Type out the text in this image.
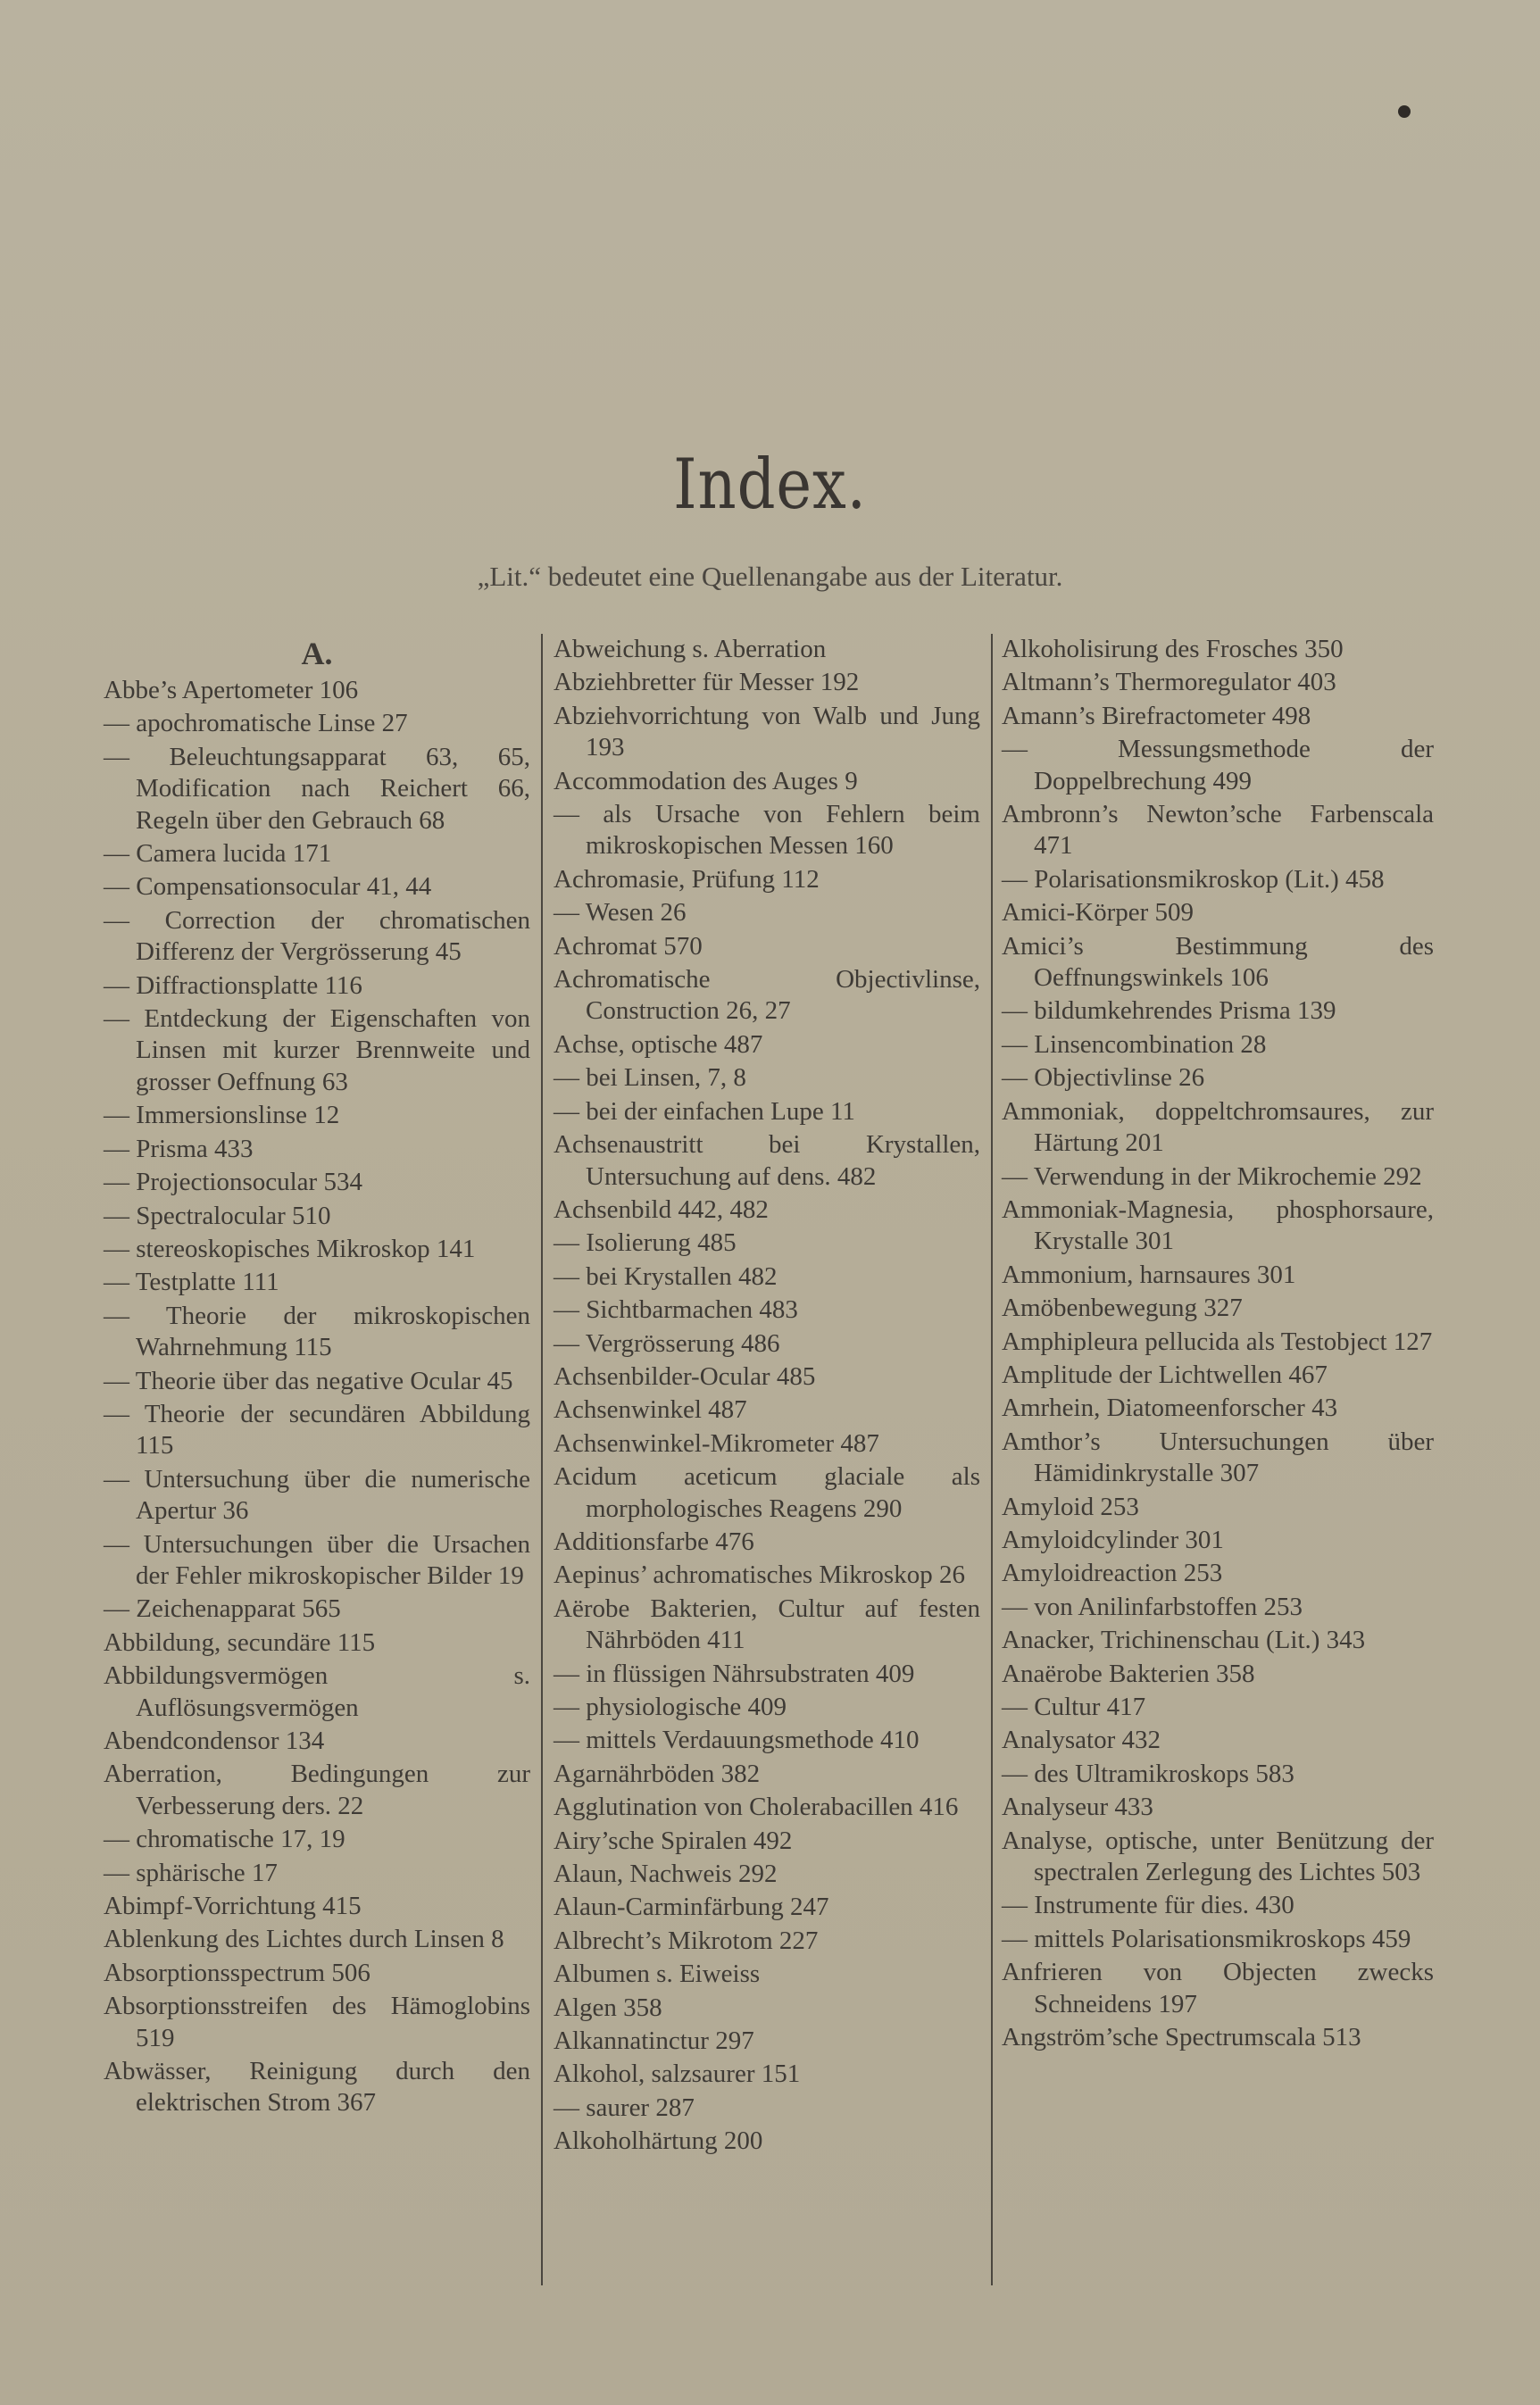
Index.
„Lit.“ bedeutet eine Quellenangabe aus der Literatur.
A.
Abbe’s Apertometer 106
— apochromatische Linse 27
— Beleuchtungsapparat 63, 65, Modification nach Reichert 66, Regeln über den Gebrauch 68
— Camera lucida 171
— Compensationsocular 41, 44
— Correction der chromatischen Differenz der Vergrösserung 45
— Diffractionsplatte 116
— Entdeckung der Eigenschaften von Linsen mit kurzer Brennweite und grosser Oeffnung 63
— Immersionslinse 12
— Prisma 433
— Projectionsocular 534
— Spectralocular 510
— stereoskopisches Mikroskop 141
— Testplatte 111
— Theorie der mikroskopischen Wahrnehmung 115
— Theorie über das negative Ocular 45
— Theorie der secundären Abbildung 115
— Untersuchung über die numerische Apertur 36
— Untersuchungen über die Ursachen der Fehler mikroskopischer Bilder 19
— Zeichenapparat 565
Abbildung, secundäre 115
Abbildungsvermögen s. Auflösungsvermögen
Abendcondensor 134
Aberration, Bedingungen zur Verbesserung ders. 22
— chromatische 17, 19
— sphärische 17
Abimpf-Vorrichtung 415
Ablenkung des Lichtes durch Linsen 8
Absorptionsspectrum 506
Absorptionsstreifen des Hämoglobins 519
Abwässer, Reinigung durch den elektrischen Strom 367
Abweichung s. Aberration
Abziehbretter für Messer 192
Abziehvorrichtung von Walb und Jung 193
Accommodation des Auges 9
— als Ursache von Fehlern beim mikroskopischen Messen 160
Achromasie, Prüfung 112
— Wesen 26
Achromat 570
Achromatische Objectivlinse, Construction 26, 27
Achse, optische 487
— bei Linsen, 7, 8
— bei der einfachen Lupe 11
Achsenaustritt bei Krystallen, Untersuchung auf dens. 482
Achsenbild 442, 482
— Isolierung 485
— bei Krystallen 482
— Sichtbarmachen 483
— Vergrösserung 486
Achsenbilder-Ocular 485
Achsenwinkel 487
Achsenwinkel-Mikrometer 487
Acidum aceticum glaciale als morphologisches Reagens 290
Additionsfarbe 476
Aepinus’ achromatisches Mikroskop 26
Aërobe Bakterien, Cultur auf festen Nährböden 411
— in flüssigen Nährsubstraten 409
— physiologische 409
— mittels Verdauungsmethode 410
Agarnährböden 382
Agglutination von Cholerabacillen 416
Airy’sche Spiralen 492
Alaun, Nachweis 292
Alaun-Carminfärbung 247
Albrecht’s Mikrotom 227
Albumen s. Eiweiss
Algen 358
Alkannatinctur 297
Alkohol, salzsaurer 151
— saurer 287
Alkoholhärtung 200
Alkoholisirung des Frosches 350
Altmann’s Thermoregulator 403
Amann’s Birefractometer 498
— Messungsmethode der Doppelbrechung 499
Ambronn’s Newton’sche Farbenscala 471
— Polarisationsmikroskop (Lit.) 458
Amici-Körper 509
Amici’s Bestimmung des Oeffnungswinkels 106
— bildumkehrendes Prisma 139
— Linsencombination 28
— Objectivlinse 26
Ammoniak, doppeltchromsaures, zur Härtung 201
— Verwendung in der Mikrochemie 292
Ammoniak-Magnesia, phosphorsaure, Krystalle 301
Ammonium, harnsaures 301
Amöbenbewegung 327
Amphipleura pellucida als Testobject 127
Amplitude der Lichtwellen 467
Amrhein, Diatomeenforscher 43
Amthor’s Untersuchungen über Hämidinkrystalle 307
Amyloid 253
Amyloidcylinder 301
Amyloidreaction 253
— von Anilinfarbstoffen 253
Anacker, Trichinenschau (Lit.) 343
Anaërobe Bakterien 358
— Cultur 417
Analysator 432
— des Ultramikroskops 583
Analyseur 433
Analyse, optische, unter Benützung der spectralen Zerlegung des Lichtes 503
— Instrumente für dies. 430
— mittels Polarisationsmikroskops 459
Anfrieren von Objecten zwecks Schneidens 197
Angström’sche Spectrumscala 513
